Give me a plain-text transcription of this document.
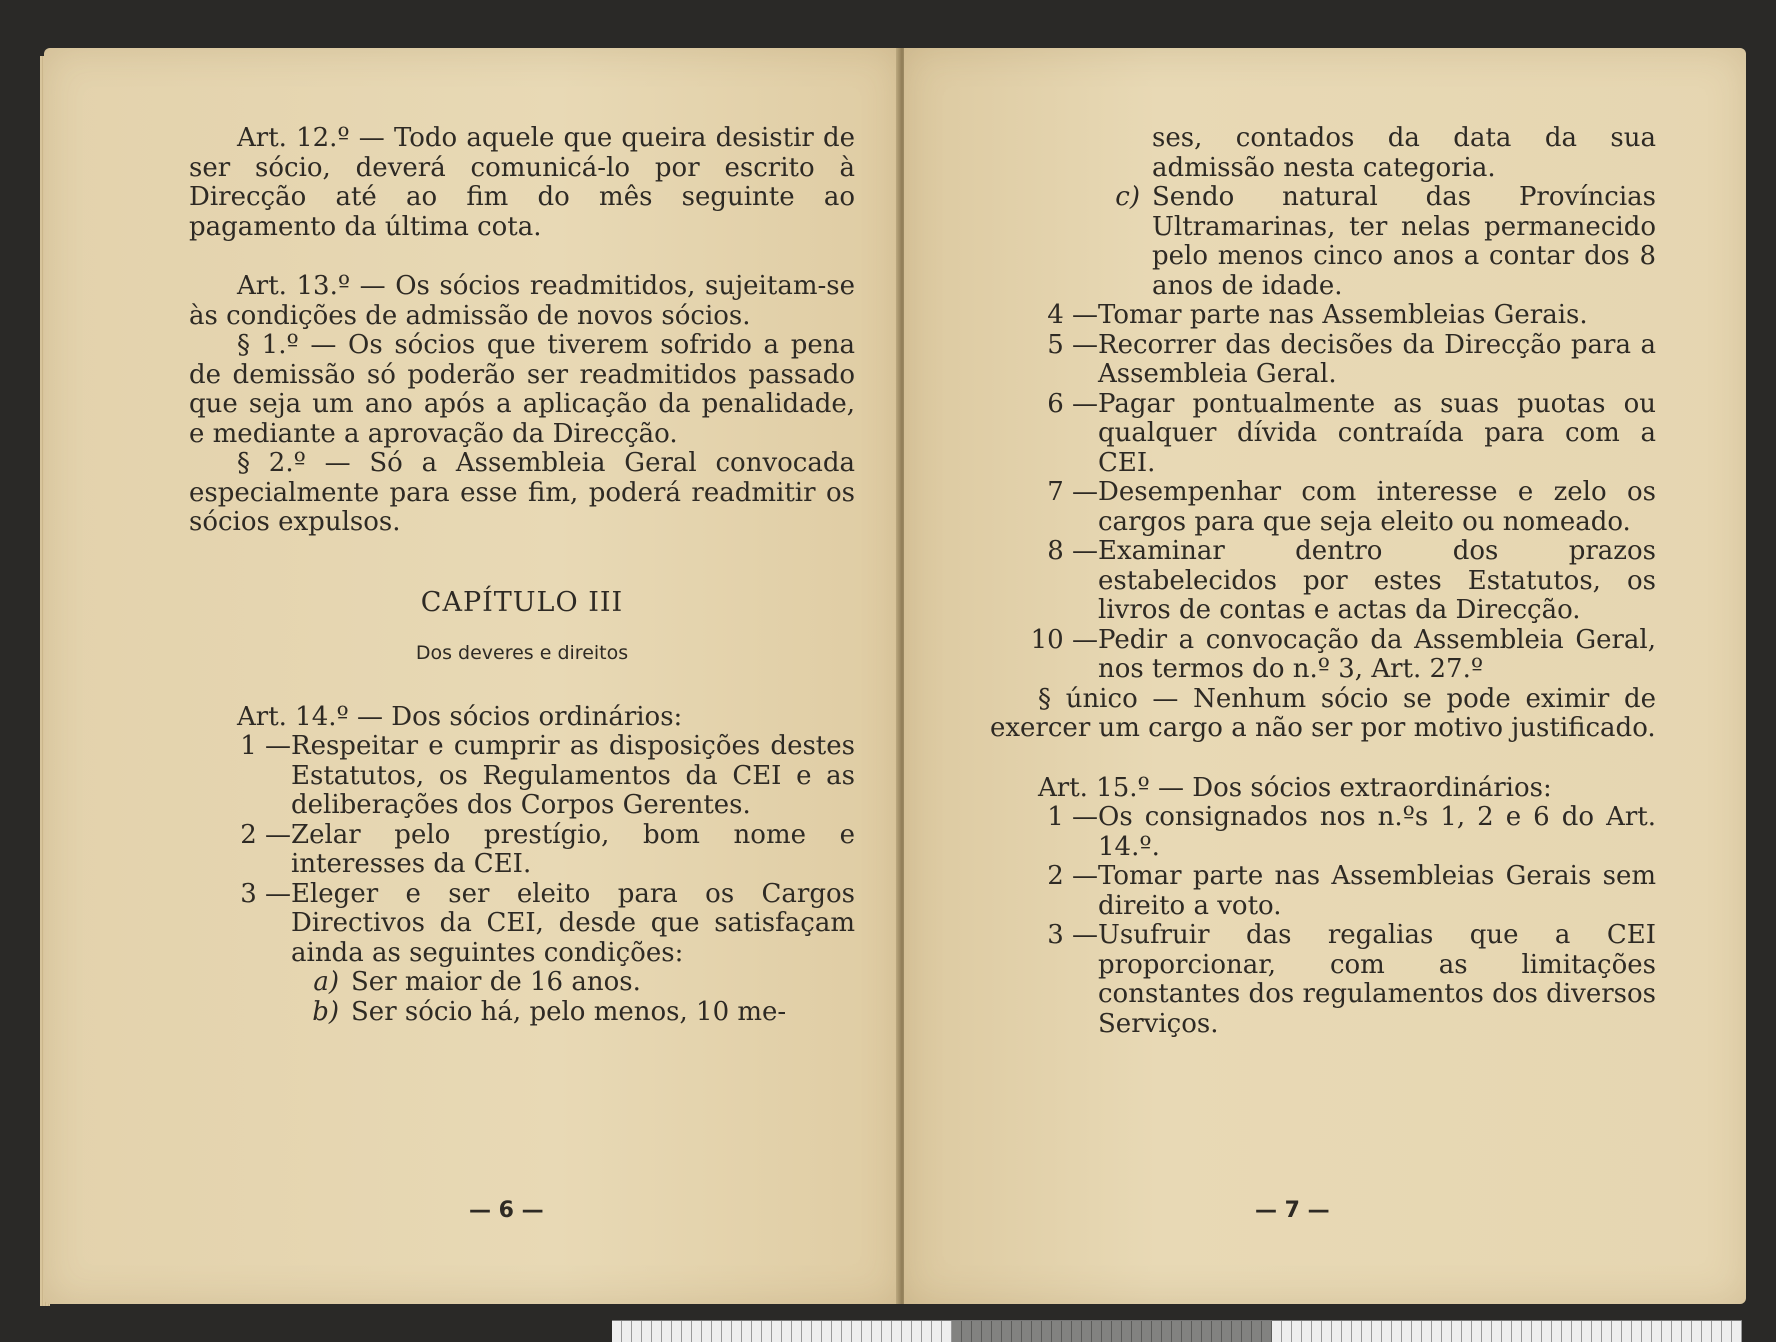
Art. 12.º — Todo aquele que queira desistir de ser sócio, deverá comunicá-lo por escrito à Direcção até ao fim do mês seguinte ao pagamento da última cota.

Art. 13.º — Os sócios readmitidos, sujeitam-se às condições de admissão de novos sócios.

§ 1.º — Os sócios que tiverem sofrido a pena de demissão só poderão ser readmitidos passado que seja um ano após a aplicação da penalidade, e mediante a aprovação da Direcção.

§ 2.º — Só a Assembleia Geral convocada especialmente para esse fim, poderá readmitir os sócios expulsos.

CAPÍTULO III
Dos deveres e direitos

Art. 14.º — Dos sócios ordinários:

1 — Respeitar e cumprir as disposições destes Estatutos, os Regulamentos da CEI e as deliberações dos Corpos Gerentes.
2 — Zelar pelo prestígio, bom nome e interesses da CEI.
3 — Eleger e ser eleito para os Cargos Directivos da CEI, desde que satisfaçam ainda as seguintes condições:
a) Ser maior de 16 anos.
b) Ser sócio há, pelo menos, 10 me-
— 6 —

ses, contados da data da sua admissão nesta categoria.

c) Sendo natural das Províncias Ultramarinas, ter nelas permanecido pelo menos cinco anos a contar dos 8 anos de idade.
4 — Tomar parte nas Assembleias Gerais.
5 — Recorrer das decisões da Direcção para a Assembleia Geral.
6 — Pagar pontualmente as suas puotas ou qualquer dívida contraída para com a CEI.
7 — Desempenhar com interesse e zelo os cargos para que seja eleito ou nomeado.
8 — Examinar dentro dos prazos estabelecidos por estes Estatutos, os livros de contas e actas da Direcção.
10 — Pedir a convocação da Assembleia Geral, nos termos do n.º 3, Art. 27.º

§ único — Nenhum sócio se pode eximir de exercer um cargo a não ser por motivo justificado.

Art. 15.º — Dos sócios extraordinários:

1 — Os consignados nos n.ºs 1, 2 e 6 do Art. 14.º.
2 — Tomar parte nas Assembleias Gerais sem direito a voto.
3 — Usufruir das regalias que a CEI proporcionar, com as limitações constantes dos regulamentos dos diversos Serviços.
— 7 —
